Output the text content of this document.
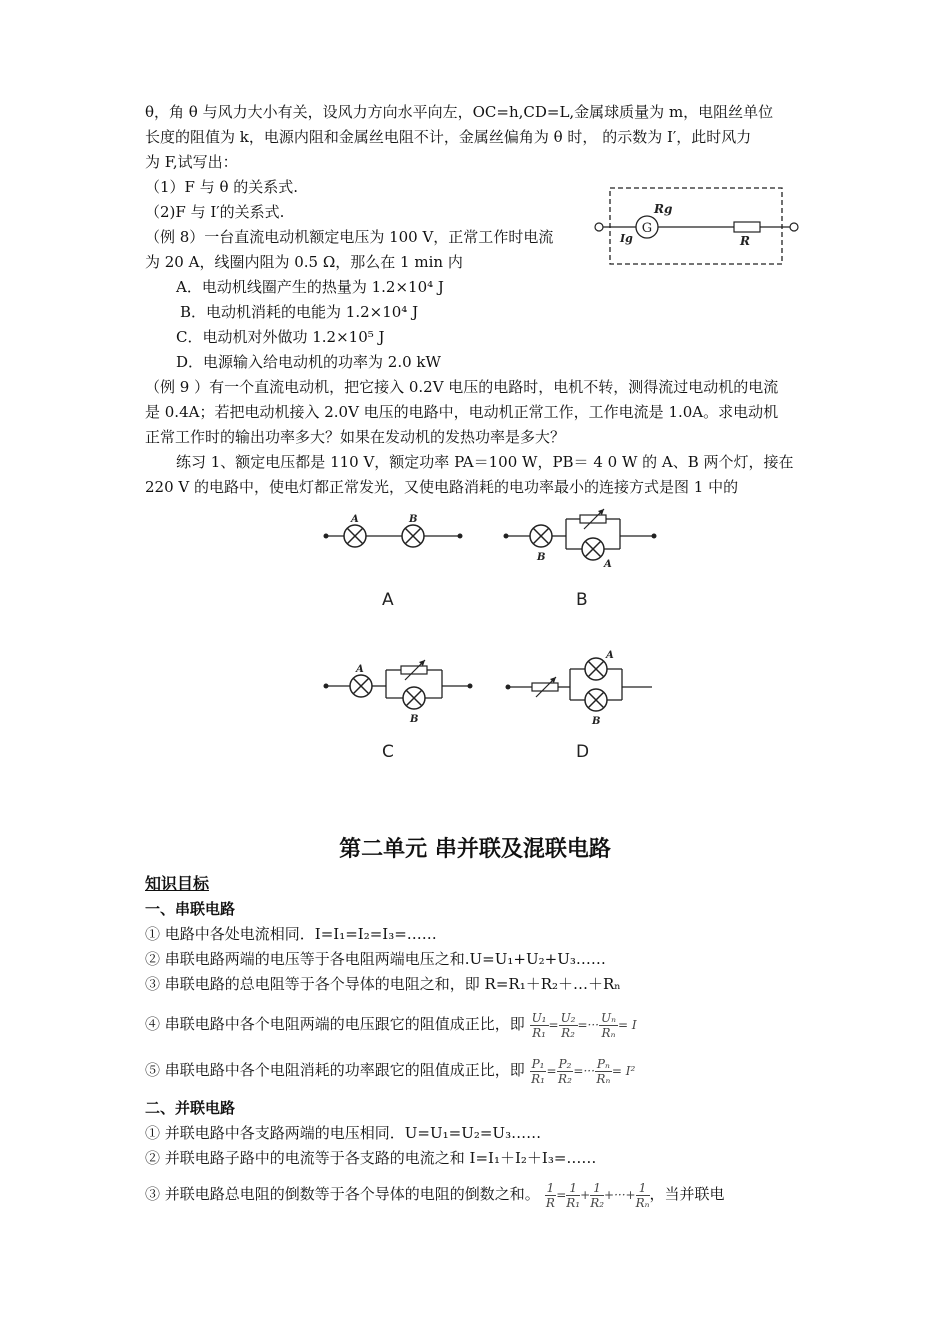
θ，角 θ 与风力大小有关，设风力方向水平向左，OC=h,CD=L,金属球质量为 m，电阻丝单位
长度的阻值为 k，电源内阻和金属丝电阻不计，金属丝偏角为 θ 时， 的示数为 I′，此时风力
为 F,试写出：
（1）F 与 θ 的关系式.
（2)F 与 I′的关系式.
G
Rg
Ig	R
（例 8）一台直流电动机额定电压为 100 V，正常工作时电流
为 20 A，线圈内阻为 0.5 Ω，那么在 1 min 内
A．电动机线圈产生的热量为 1.2×10⁴ J
B．电动机消耗的电能为 1.2×10⁴ J
C．电动机对外做功 1.2×10⁵ J
D．电源输入给电动机的功率为 2.0 kW
（例 9 ）有一个直流电动机，把它接入 0.2V 电压的电路时，电机不转，测得流过电动机的电流
是 0.4A；若把电动机接入 2.0V 电压的电路中，电动机正常工作，工作电流是 1.0A。求电动机
正常工作时的输出功率多大？如果在发动机的发热功率是多大？
练习 1、额定电压都是 110 V，额定功率 PA＝100 W，PB＝ 4 0 W 的 A、B 两个灯，接在
220 V 的电路中，使电灯都正常发光，又使电路消耗的电功率最小的连接方式是图 1 中的
A	B
A
B
A
B
A
B
C
A
B
D
第二单元 串并联及混联电路
知识目标
一、串联电路
① 电路中各处电流相同．I=I₁=I₂=I₃=……
② 串联电路两端的电压等于各电阻两端电压之和.U=U₁+U₂+U₃……
③ 串联电路的总电阻等于各个导体的电阻之和，即 R=R₁＋R₂＋…＋Rₙ
④ 串联电路中各个电阻两端的电压跟它的阻值成正比，即 $\frac{\text{U₁}}{\text{R₁}} = \frac{\text{U₂}}{\text{R₂}}$ =··· $\frac{\text{Uₙ}}{\text{Rₙ}} = I$
⑤ 串联电路中各个电阻消耗的功率跟它的阻值成正比，即 $\frac{\text{P₁}}{\text{R₁}} = \frac{\text{P₂}}{\text{R₂}}$ =··· $\frac{\text{Pₙ}}{\text{Rₙ}} = I^2$
二、并联电路
① 并联电路中各支路两端的电压相同．U=U₁=U₂=U₃……
② 并联电路子路中的电流等于各支路的电流之和 I=I₁＋I₂＋I₃=……
③ 并联电路总电阻的倒数等于各个导体的电阻的倒数之和。 $\frac{1}{R} = \frac{1}{\text{R₁}} + \frac{1}{\text{R₂}}$ +···+ $\frac{1}{\text{Rₙ}}$ ，当并联电
